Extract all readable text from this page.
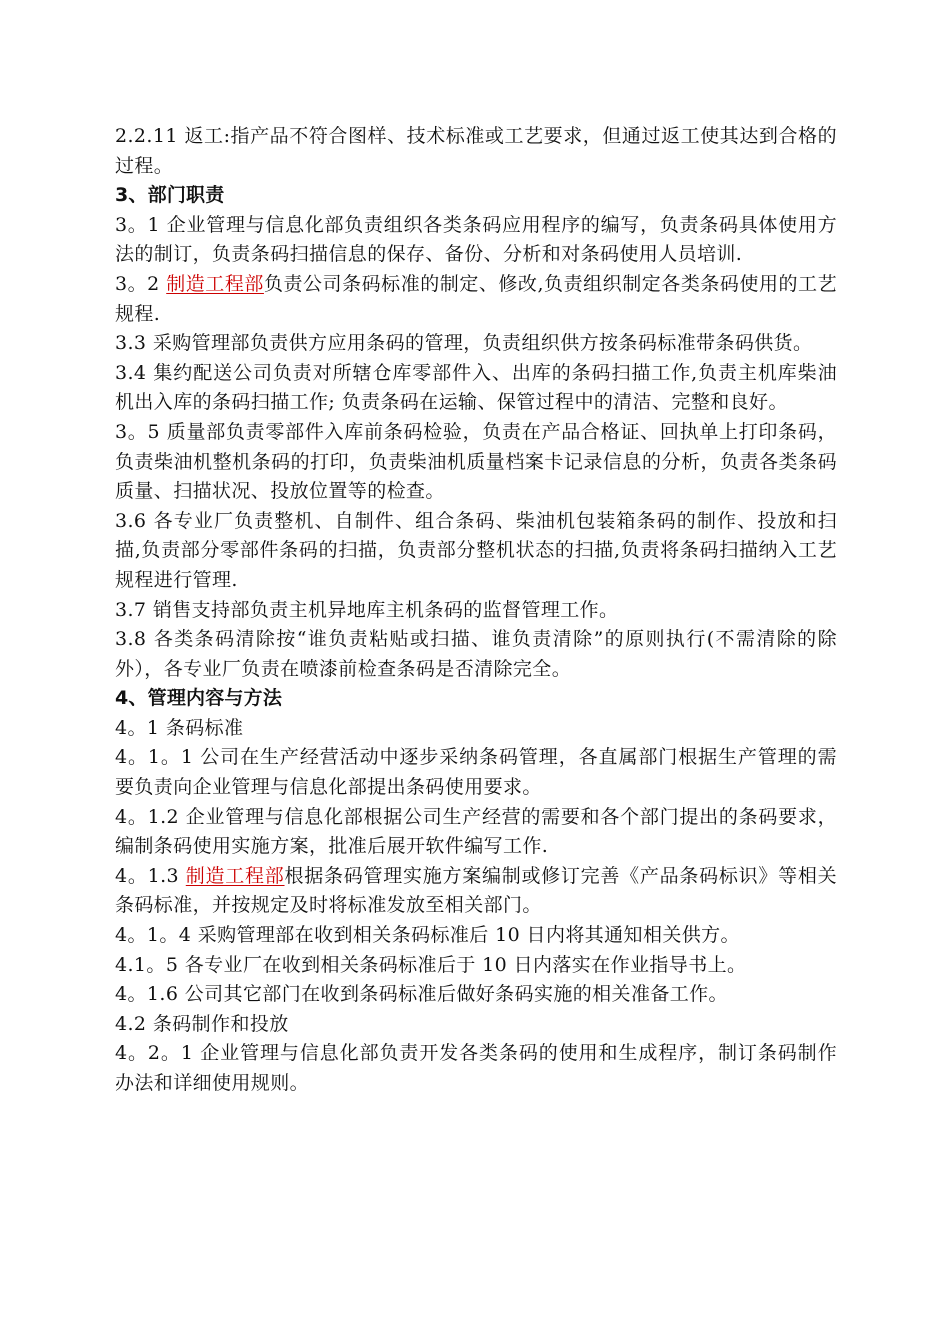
2.2.11 返工:指产品不符合图样、技术标准或工艺要求，但通过返工使其达到合格的过程。

3、部门职责

3。1 企业管理与信息化部负责组织各类条码应用程序的编写，负责条码具体使用方法的制订，负责条码扫描信息的保存、备份、分析和对条码使用人员培训.

3。2 制造工程部负责公司条码标准的制定、修改,负责组织制定各类条码使用的工艺规程.

3.3 采购管理部负责供方应用条码的管理，负责组织供方按条码标准带条码供货。

3.4 集约配送公司负责对所辖仓库零部件入、出库的条码扫描工作,负责主机库柴油机出入库的条码扫描工作; 负责条码在运输、保管过程中的清洁、完整和良好。

3。5 质量部负责零部件入库前条码检验，负责在产品合格证、回执单上打印条码，负责柴油机整机条码的打印，负责柴油机质量档案卡记录信息的分析，负责各类条码质量、扫描状况、投放位置等的检查。

3.6 各专业厂负责整机、自制件、组合条码、柴油机包装箱条码的制作、投放和扫描,负责部分零部件条码的扫描，负责部分整机状态的扫描,负责将条码扫描纳入工艺规程进行管理.

3.7 销售支持部负责主机异地库主机条码的监督管理工作。

3.8 各类条码清除按“谁负责粘贴或扫描、谁负责清除”的原则执行(不需清除的除外），各专业厂负责在喷漆前检查条码是否清除完全。

4、管理内容与方法

4。1 条码标准

4。1。1 公司在生产经营活动中逐步采纳条码管理，各直属部门根据生产管理的需要负责向企业管理与信息化部提出条码使用要求。

4。1.2 企业管理与信息化部根据公司生产经营的需要和各个部门提出的条码要求，编制条码使用实施方案，批准后展开软件编写工作.

4。1.3 制造工程部根据条码管理实施方案编制或修订完善《产品条码标识》等相关条码标准，并按规定及时将标准发放至相关部门。

4。1。4 采购管理部在收到相关条码标准后 10 日内将其通知相关供方。

4.1。5 各专业厂在收到相关条码标准后于 10 日内落实在作业指导书上。

4。1.6 公司其它部门在收到条码标准后做好条码实施的相关准备工作。

4.2 条码制作和投放

4。2。1 企业管理与信息化部负责开发各类条码的使用和生成程序，制订条码制作办法和详细使用规则。
